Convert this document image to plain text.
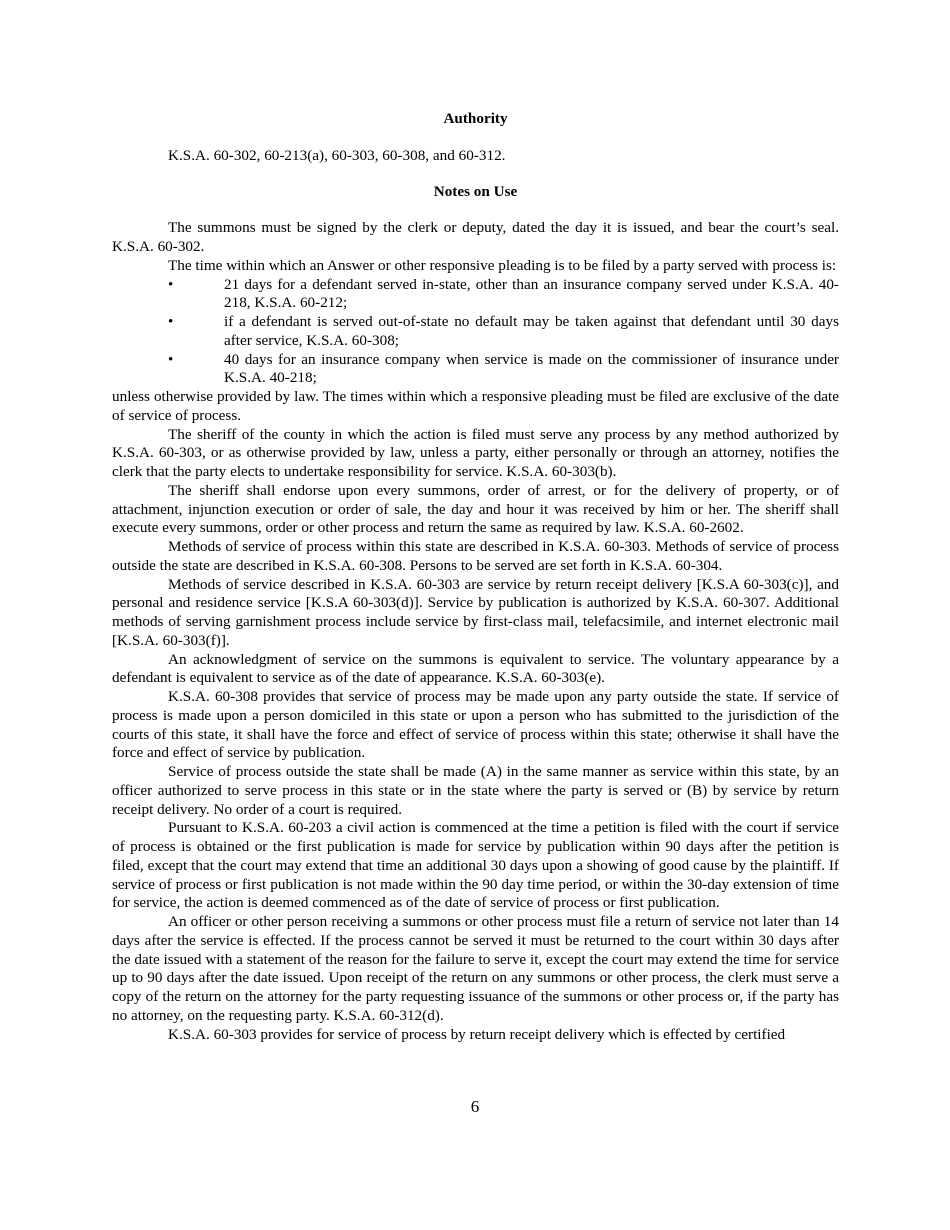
Authority

K.S.A. 60-302, 60-213(a), 60-303, 60-308, and 60-312.

Notes on Use

The summons must be signed by the clerk or deputy, dated the day it is issued, and bear the court’s seal. K.S.A. 60-302.

The time within which an Answer or other responsive pleading is to be filed by a party served with process is:

•	21 days for a defendant served in-state, other than an insurance company served under K.S.A. 40-218, K.S.A. 60-212;
•	if a defendant is served out-of-state no default may be taken against that defendant until 30 days after service, K.S.A. 60-308;
•	40 days for an insurance company when service is made on the commissioner of insurance under K.S.A. 40-218;

unless otherwise provided by law. The times within which a responsive pleading must be filed are exclusive of the date of service of process.

The sheriff of the county in which the action is filed must serve any process by any method authorized by K.S.A. 60-303, or as otherwise provided by law, unless a party, either personally or through an attorney, notifies the clerk that the party elects to undertake responsibility for service. K.S.A. 60-303(b).

The sheriff shall endorse upon every summons, order of arrest, or for the delivery of property, or of attachment, injunction execution or order of sale, the day and hour it was received by him or her. The sheriff shall execute every summons, order or other process and return the same as required by law. K.S.A. 60-2602.

Methods of service of process within this state are described in K.S.A. 60-303. Methods of service of process outside the state are described in K.S.A. 60-308. Persons to be served are set forth in K.S.A. 60-304.

Methods of service described in K.S.A. 60-303 are service by return receipt delivery [K.S.A 60-303(c)], and personal and residence service [K.S.A 60-303(d)]. Service by publication is authorized by K.S.A. 60-307. Additional methods of serving garnishment process include service by first-class mail, telefacsimile, and internet electronic mail [K.S.A. 60-303(f)].

An acknowledgment of service on the summons is equivalent to service. The voluntary appearance by a defendant is equivalent to service as of the date of appearance. K.S.A. 60-303(e).

K.S.A. 60-308 provides that service of process may be made upon any party outside the state. If service of process is made upon a person domiciled in this state or upon a person who has submitted to the jurisdiction of the courts of this state, it shall have the force and effect of service of process within this state; otherwise it shall have the force and effect of service by publication.

Service of process outside the state shall be made (A) in the same manner as service within this state, by an officer authorized to serve process in this state or in the state where the party is served or (B) by service by return receipt delivery. No order of a court is required.

Pursuant to K.S.A. 60-203 a civil action is commenced at the time a petition is filed with the court if service of process is obtained or the first publication is made for service by publication within 90 days after the petition is filed, except that the court may extend that time an additional 30 days upon a showing of good cause by the plaintiff. If service of process or first publication is not made within the 90 day time period, or within the 30-day extension of time for service, the action is deemed commenced as of the date of service of process or first publication.

An officer or other person receiving a summons or other process must file a return of service not later than 14 days after the service is effected. If the process cannot be served it must be returned to the court within 30 days after the date issued with a statement of the reason for the failure to serve it, except the court may extend the time for service up to 90 days after the date issued. Upon receipt of the return on any summons or other process, the clerk must serve a copy of the return on the attorney for the party requesting issuance of the summons or other process or, if the party has no attorney, on the requesting party. K.S.A. 60-312(d).

K.S.A. 60-303 provides for service of process by return receipt delivery which is effected by certified

6
